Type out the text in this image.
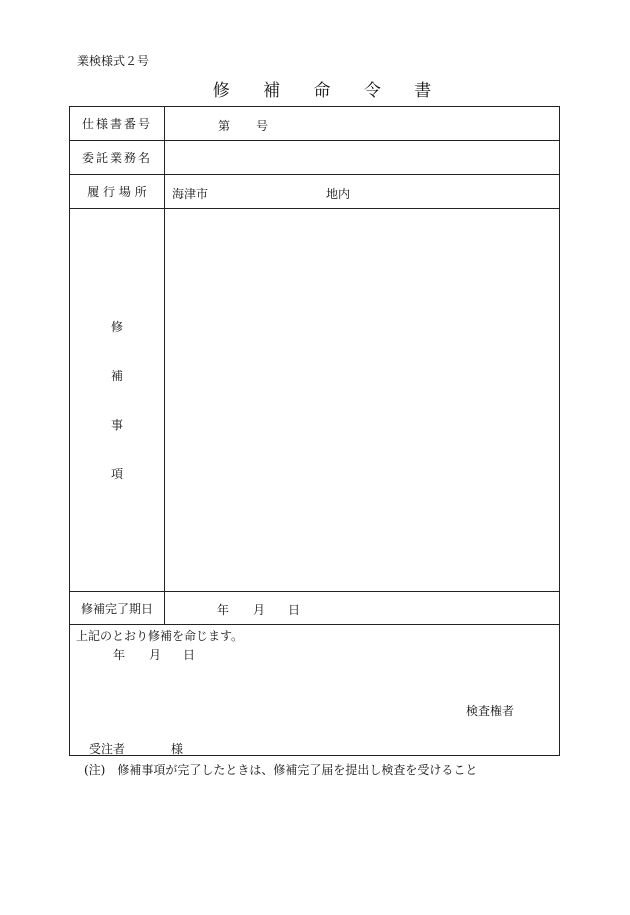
業検様式２号
修 補 命 令 書
仕様書番号	第 号
委託業務名
履 行 場 所 海津市	地内
修
補
事
項
修補完了期日	年 月 日
上記のとおり修補を命じます。
年 月 日
検査権者
受注者	様
(注)　修補事項が完了したときは、修補完了届を提出し検査を受けること
